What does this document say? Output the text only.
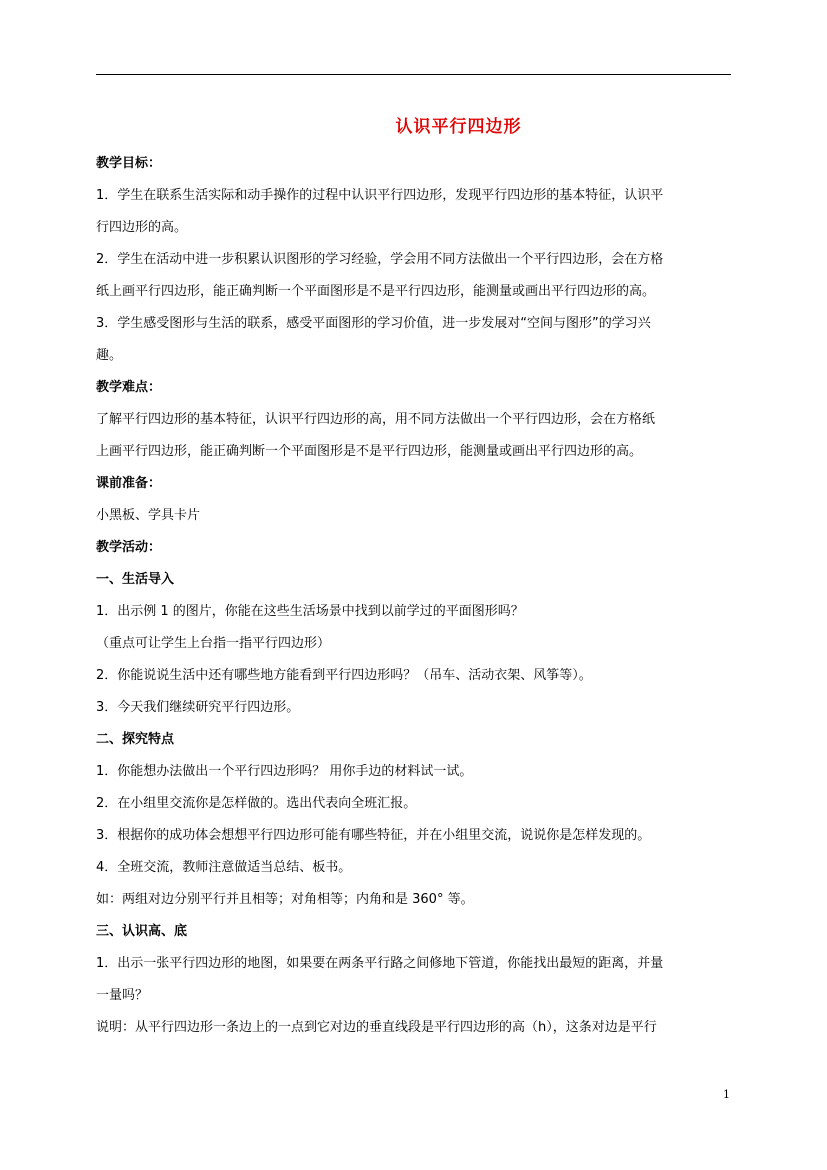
认识平行四边形

教学目标：

1．学生在联系生活实际和动手操作的过程中认识平行四边形，发现平行四边形的基本特征，认识平

行四边形的高。

2．学生在活动中进一步积累认识图形的学习经验，学会用不同方法做出一个平行四边形，会在方格

纸上画平行四边形，能正确判断一个平面图形是不是平行四边形，能测量或画出平行四边形的高。

3．学生感受图形与生活的联系，感受平面图形的学习价值，进一步发展对“空间与图形”的学习兴

趣。

教学难点：

了解平行四边形的基本特征，认识平行四边形的高，用不同方法做出一个平行四边形，会在方格纸

上画平行四边形，能正确判断一个平面图形是不是平行四边形，能测量或画出平行四边形的高。

课前准备：

小黑板、学具卡片

教学活动：

一、生活导入

1．出示例 1 的图片，你能在这些生活场景中找到以前学过的平面图形吗？

（重点可让学生上台指一指平行四边形）

2．你能说说生活中还有哪些地方能看到平行四边形吗？（吊车、活动衣架、风筝等）。

3．今天我们继续研究平行四边形。

二、探究特点

1．你能想办法做出一个平行四边形吗？ 用你手边的材料试一试。

2．在小组里交流你是怎样做的。选出代表向全班汇报。

3．根据你的成功体会想想平行四边形可能有哪些特征，并在小组里交流，说说你是怎样发现的。

4．全班交流，教师注意做适当总结、板书。

如：两组对边分别平行并且相等；对角相等；内角和是 360° 等。

三、认识高、底

1．出示一张平行四边形的地图，如果要在两条平行路之间修地下管道，你能找出最短的距离，并量

一量吗？

说明：从平行四边形一条边上的一点到它对边的垂直线段是平行四边形的高（h），这条对边是平行

1
